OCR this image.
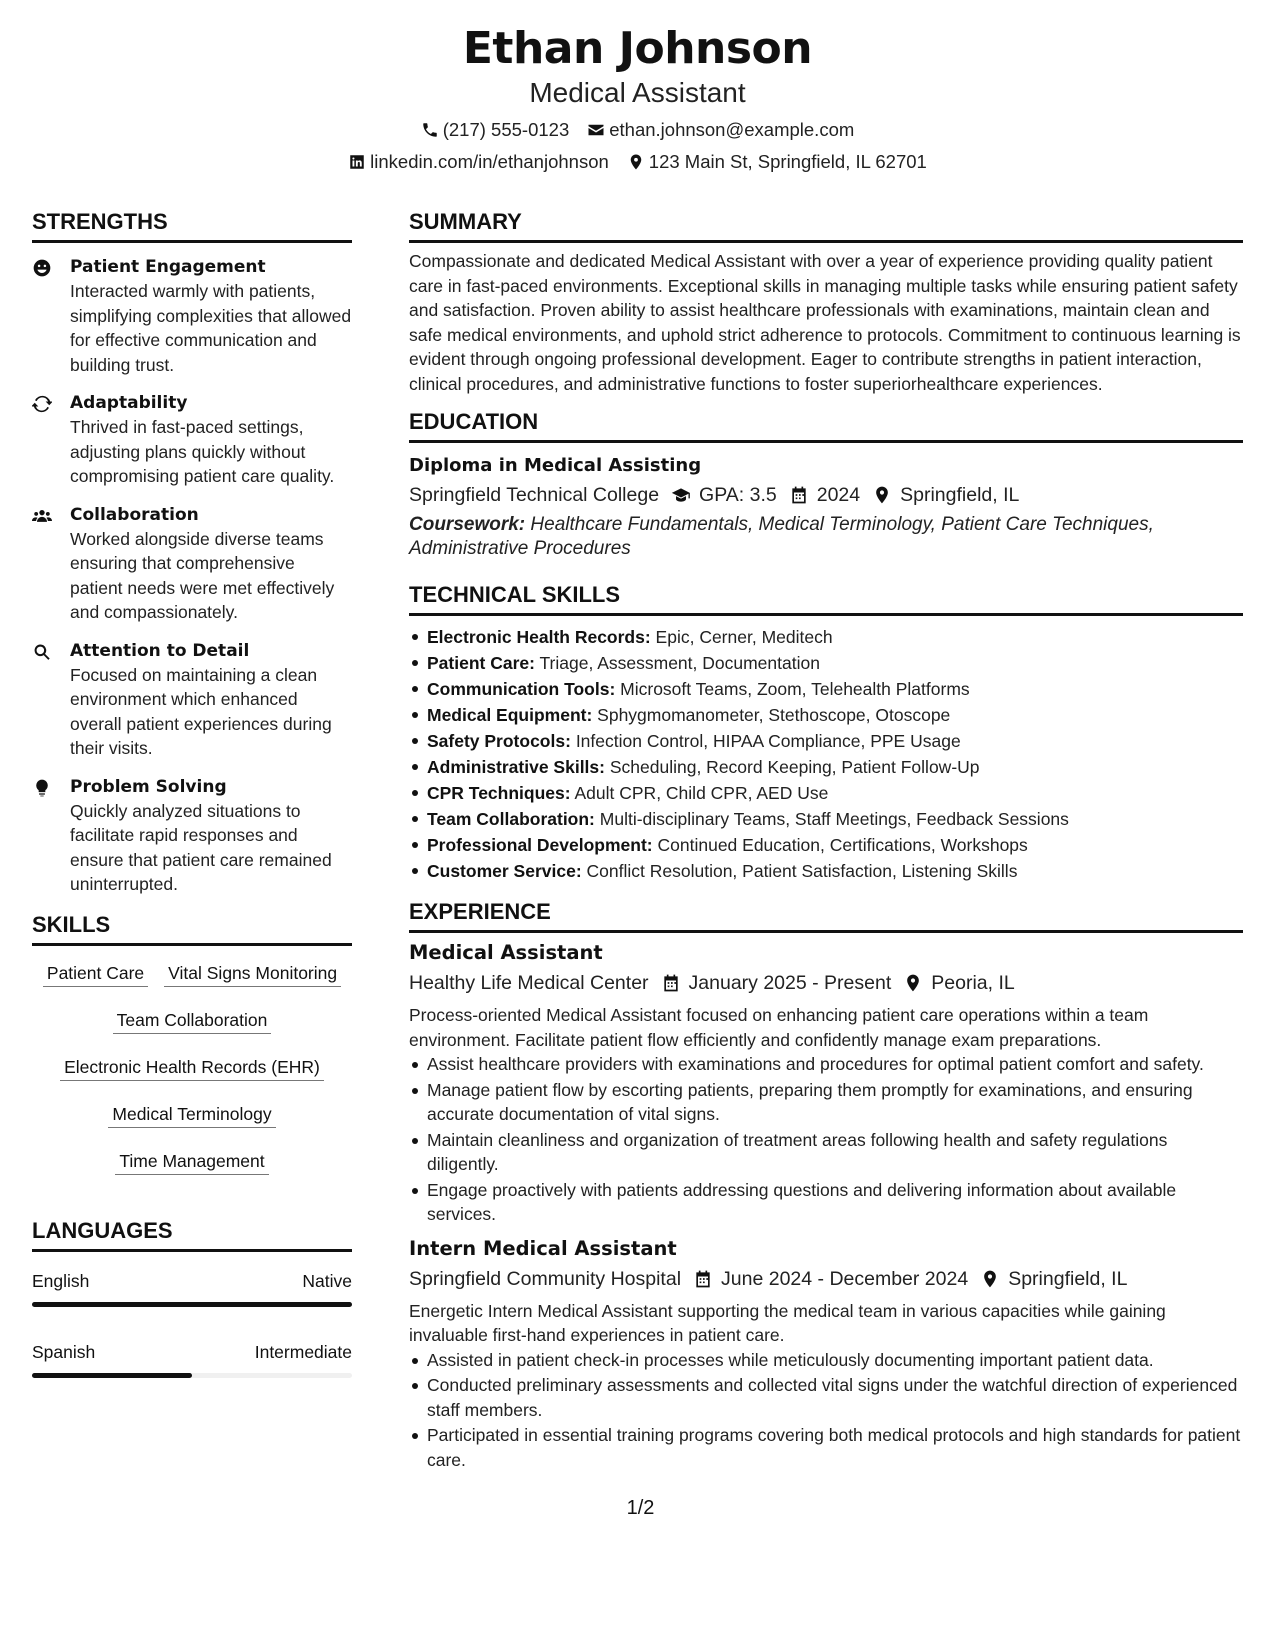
Ethan Johnson
Medical Assistant
(217) 555-0123 ethan.johnson@example.com
linkedin.com/in/ethanjohnson 123 Main St, Springfield, IL 62701
STRENGTHS
Patient Engagement
Interacted warmly with patients, simplifying complexities that allowed for effective communication and building trust.
Adaptability
Thrived in fast-paced settings, adjusting plans quickly without compromising patient care quality.
Collaboration
Worked alongside diverse teams ensuring that comprehensive patient needs were met effectively and compassionately.
Attention to Detail
Focused on maintaining a clean environment which enhanced overall patient experiences during their visits.
Problem Solving
Quickly analyzed situations to facilitate rapid responses and ensure that patient care remained uninterrupted.
SKILLS
Patient Care Vital Signs Monitoring
Team Collaboration
Electronic Health Records (EHR)
Medical Terminology
Time Management
LANGUAGES
English	Native
Spanish	Intermediate
SUMMARY
Compassionate and dedicated Medical Assistant with over a year of experience providing quality patient care in fast-paced environments. Exceptional skills in managing multiple tasks while ensuring patient safety and satisfaction. Proven ability to assist healthcare professionals with examinations, maintain clean and safe medical environments, and uphold strict adherence to protocols. Commitment to continuous learning is evident through ongoing professional development. Eager to contribute strengths in patient interaction, clinical procedures, and administrative functions to foster superiorhealthcare experiences.
EDUCATION
Diploma in Medical Assisting
Springfield Technical College GPA: 3.5 2024 Springfield, IL
Coursework: Healthcare Fundamentals, Medical Terminology, Patient Care Techniques, Administrative Procedures
TECHNICAL SKILLS
Electronic Health Records: Epic, Cerner, Meditech
Patient Care: Triage, Assessment, Documentation
Communication Tools: Microsoft Teams, Zoom, Telehealth Platforms
Medical Equipment: Sphygmomanometer, Stethoscope, Otoscope
Safety Protocols: Infection Control, HIPAA Compliance, PPE Usage
Administrative Skills: Scheduling, Record Keeping, Patient Follow-Up
CPR Techniques: Adult CPR, Child CPR, AED Use
Team Collaboration: Multi-disciplinary Teams, Staff Meetings, Feedback Sessions
Professional Development: Continued Education, Certifications, Workshops
Customer Service: Conflict Resolution, Patient Satisfaction, Listening Skills
EXPERIENCE
Medical Assistant
Healthy Life Medical Center January 2025 - Present Peoria, IL
Process-oriented Medical Assistant focused on enhancing patient care operations within a team environment. Facilitate patient flow efficiently and confidently manage exam preparations.
Assist healthcare providers with examinations and procedures for optimal patient comfort and safety.
Manage patient flow by escorting patients, preparing them promptly for examinations, and ensuring accurate documentation of vital signs.
Maintain cleanliness and organization of treatment areas following health and safety regulations diligently.
Engage proactively with patients addressing questions and delivering information about available services.
Intern Medical Assistant
Springfield Community Hospital June 2024 - December 2024 Springfield, IL
Energetic Intern Medical Assistant supporting the medical team in various capacities while gaining invaluable first-hand experiences in patient care.
Assisted in patient check-in processes while meticulously documenting important patient data.
Conducted preliminary assessments and collected vital signs under the watchful direction of experienced staff members.
Participated in essential training programs covering both medical protocols and high standards for patient care.
1/2
